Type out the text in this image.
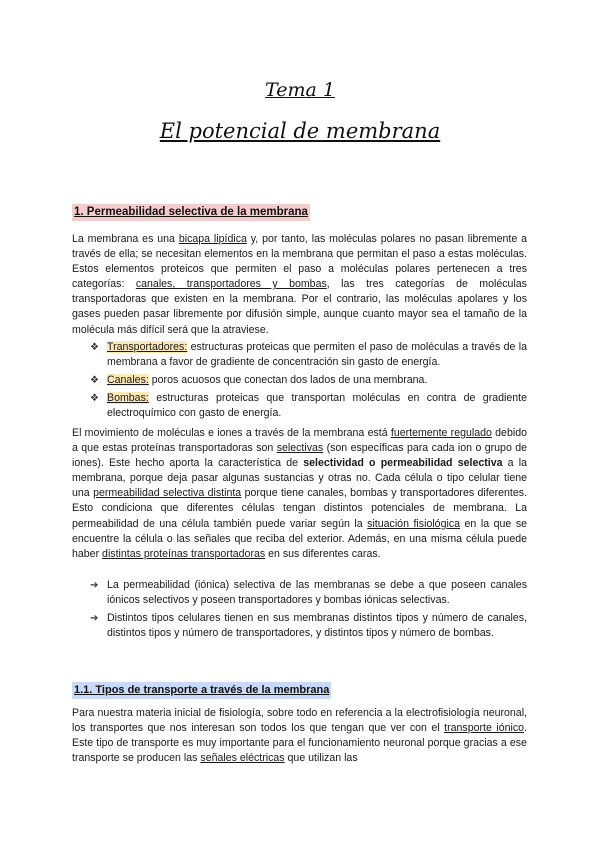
Tema 1
El potencial de membrana
1. Permeabilidad selectiva de la membrana

La membrana es una bicapa lipídica y, por tanto, las moléculas polares no pasan libremente a través de ella; se necesitan elementos en la membrana que permitan el paso a estas moléculas. Estos elementos proteicos que permiten el paso a moléculas polares pertenecen a tres categorías: canales, transportadores y bombas, las tres categorías de moléculas transportadoras que existen en la membrana. Por el contrario, las moléculas apolares y los gases pueden pasar libremente por difusión simple, aunque cuanto mayor sea el tamaño de la molécula más difícil será que la atraviese.

❖ Transportadores: estructuras proteicas que permiten el paso de moléculas a través de la membrana a favor de gradiente de concentración sin gasto de energía.
❖ Canales: poros acuosos que conectan dos lados de una membrana.
❖ Bombas: estructuras proteicas que transportan moléculas en contra de gradiente electroquímico con gasto de energía.

El movimiento de moléculas e iones a través de la membrana está fuertemente regulado debido a que estas proteínas transportadoras son selectivas (son específicas para cada ion o grupo de iones). Este hecho aporta la característica de selectividad o permeabilidad selectiva a la membrana, porque deja pasar algunas sustancias y otras no. Cada célula o tipo celular tiene una permeabilidad selectiva distinta porque tiene canales, bombas y transportadores diferentes. Esto condiciona que diferentes células tengan distintos potenciales de membrana. La permeabilidad de una célula también puede variar según la situación fisiológica en la que se encuentre la célula o las señales que reciba del exterior. Además, en una misma célula puede haber distintas proteínas transportadoras en sus diferentes caras.

➔ La permeabilidad (iónica) selectiva de las membranas se debe a que poseen canales iónicos selectivos y poseen transportadores y bombas iónicas selectivas.
➔ Distintos tipos celulares tienen en sus membranas distintos tipos y número de canales, distintos tipos y número de transportadores, y distintos tipos y número de bombas.
1.1. Tipos de transporte a través de la membrana

Para nuestra materia inicial de fisiología, sobre todo en referencia a la electrofisiología neuronal, los transportes que nos interesan son todos los que tengan que ver con el transporte iónico. Este tipo de transporte es muy importante para el funcionamiento neuronal porque gracias a ese transporte se producen las señales eléctricas que utilizan las
